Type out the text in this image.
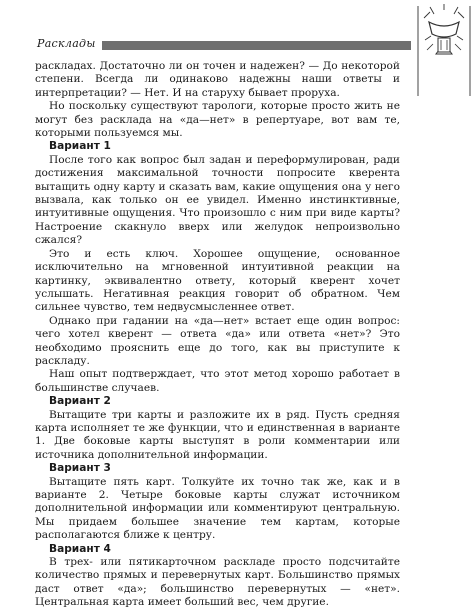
Расклады

раскладах. Достаточно ли он точен и надежен? — До некоторой степени. Всегда ли одинаково надежны наши ответы и интерпретации? — Нет. И на старуху бывает проруха.

Но поскольку существуют тарологи, которые просто жить не могут без расклада на «да—нет» в репертуаре, вот вам те, которыми пользуемся мы.

Вариант 1

После того как вопрос был задан и переформулирован, ради достижения максимальной точности попросите кверента вытащить одну карту и сказать вам, какие ощущения она у него вызвала, как только он ее увидел. Именно инстинктивные, интуитивные ощущения. Что произошло с ним при виде карты? Настроение скакнуло вверх или желудок непроизвольно сжался?

Это и есть ключ. Хорошее ощущение, основанное исключительно на мгновенной интуитивной реакции на картинку, эквивалентно ответу, который кверент хочет услышать. Негативная реакция говорит об обратном. Чем сильнее чувство, тем недвусмысленнее ответ.

Однако при гадании на «да—нет» встает еще один вопрос: чего хотел кверент — ответа «да» или ответа «нет»? Это необходимо прояснить еще до того, как вы приступите к раскладу.

Наш опыт подтверждает, что этот метод хорошо работает в большинстве случаев.

Вариант 2

Вытащите три карты и разложите их в ряд. Пусть средняя карта исполняет те же функции, что и единственная в варианте 1. Две боковые карты выступят в роли комментарии или источника дополнительной информации.

Вариант 3

Вытащите пять карт. Толкуйте их точно так же, как и в варианте 2. Четыре боковые карты служат источником дополнительной информации или комментируют центральную. Мы придаем большее значение тем картам, которые располагаются ближе к центру.

Вариант 4

В трех- или пятикарточном раскладе просто подсчитайте количество прямых и перевернутых карт. Большинство прямых даст ответ «да»; большинство перевернутых — «нет». Центральная карта имеет больший вес, чем другие.
